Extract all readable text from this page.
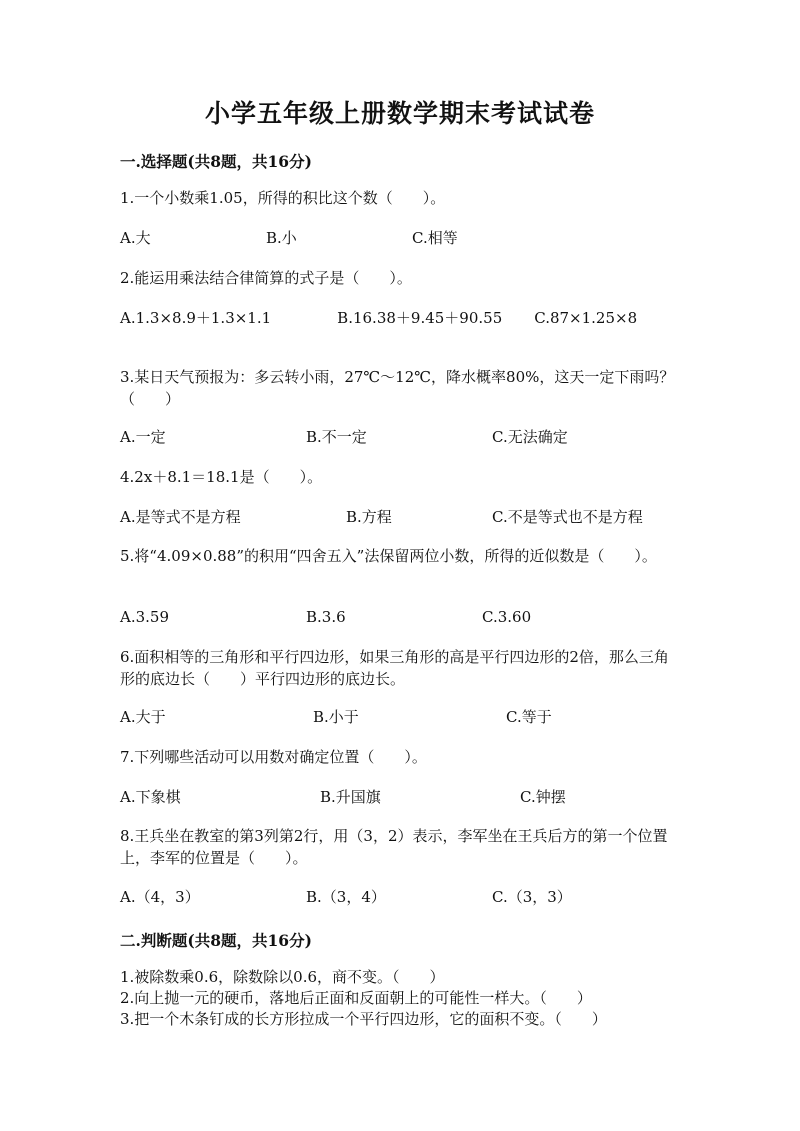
小学五年级上册数学期末考试试卷
一.选择题(共8题，共16分)
1.一个小数乘1.05，所得的积比这个数（　　）。
A.大	B.小	C.相等
2.能运用乘法结合律简算的式子是（　　）。
A.1.3×8.9＋1.3×1.1	B.16.38＋9.45＋90.55 C.87×1.25×8
3.某日天气预报为：多云转小雨，27℃～12℃，降水概率80%，这天一定下雨吗？（　　）
A.一定	B.不一定	C.无法确定
4.2x＋8.1＝18.1是（　　）。
A.是等式不是方程	B.方程	C.不是等式也不是方程
5.将“4.09×0.88”的积用“四舍五入”法保留两位小数，所得的近似数是（　　）。
A.3.59	B.3.6	C.3.60
6.面积相等的三角形和平行四边形，如果三角形的高是平行四边形的2倍，那么三角形的底边长（　　）平行四边形的底边长。
A.大于	B.小于	C.等于
7.下列哪些活动可以用数对确定位置（　　）。
A.下象棋	B.升国旗	C.钟摆
8.王兵坐在教室的第3列第2行，用（3，2）表示，李军坐在王兵后方的第一个位置上，李军的位置是（　　）。
A.（4，3）	B.（3，4）	C.（3，3）
二.判断题(共8题，共16分)
1.被除数乘0.6，除数除以0.6，商不变。（　　）
2.向上抛一元的硬币，落地后正面和反面朝上的可能性一样大。（　　）
3.把一个木条钉成的长方形拉成一个平行四边形，它的面积不变。（　　）
